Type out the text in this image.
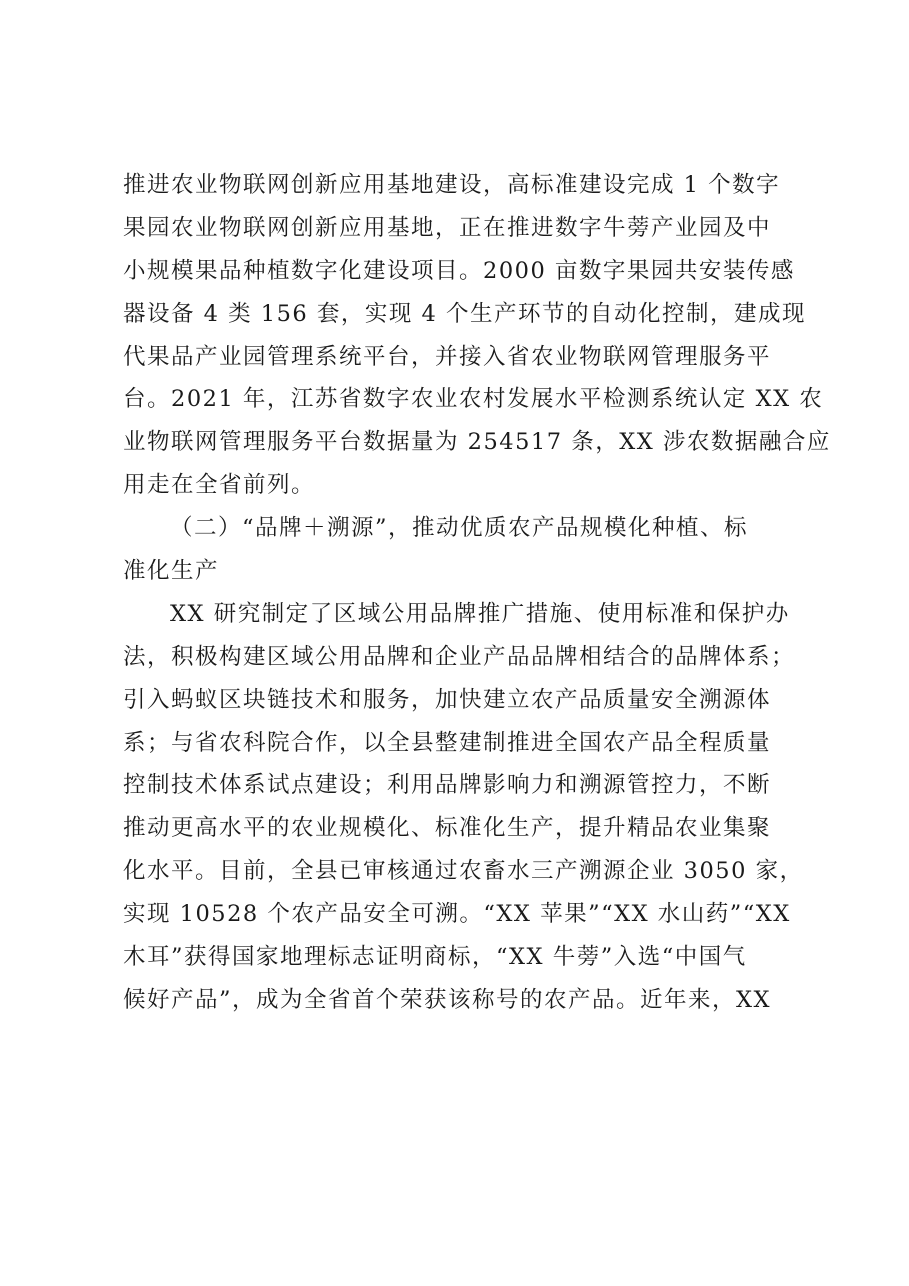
推进农业物联网创新应用基地建设，高标准建设完成 1 个数字
果园农业物联网创新应用基地，正在推进数字牛蒡产业园及中
小规模果品种植数字化建设项目。2000 亩数字果园共安装传感
器设备 4 类 156 套，实现 4 个生产环节的自动化控制，建成现
代果品产业园管理系统平台，并接入省农业物联网管理服务平
台。2021 年，江苏省数字农业农村发展水平检测系统认定 XX 农
业物联网管理服务平台数据量为 254517 条，XX 涉农数据融合应
用走在全省前列。
（二）“品牌＋溯源”，推动优质农产品规模化种植、标
准化生产
XX 研究制定了区域公用品牌推广措施、使用标准和保护办
法，积极构建区域公用品牌和企业产品品牌相结合的品牌体系；
引入蚂蚁区块链技术和服务，加快建立农产品质量安全溯源体
系；与省农科院合作，以全县整建制推进全国农产品全程质量
控制技术体系试点建设；利用品牌影响力和溯源管控力，不断
推动更高水平的农业规模化、标准化生产，提升精品农业集聚
化水平。目前，全县已审核通过农畜水三产溯源企业 3050 家，
实现 10528 个农产品安全可溯。“XX 苹果”“XX 水山药”“XX
木耳”获得国家地理标志证明商标，“XX 牛蒡”入选“中国气
候好产品”，成为全省首个荣获该称号的农产品。近年来，XX
